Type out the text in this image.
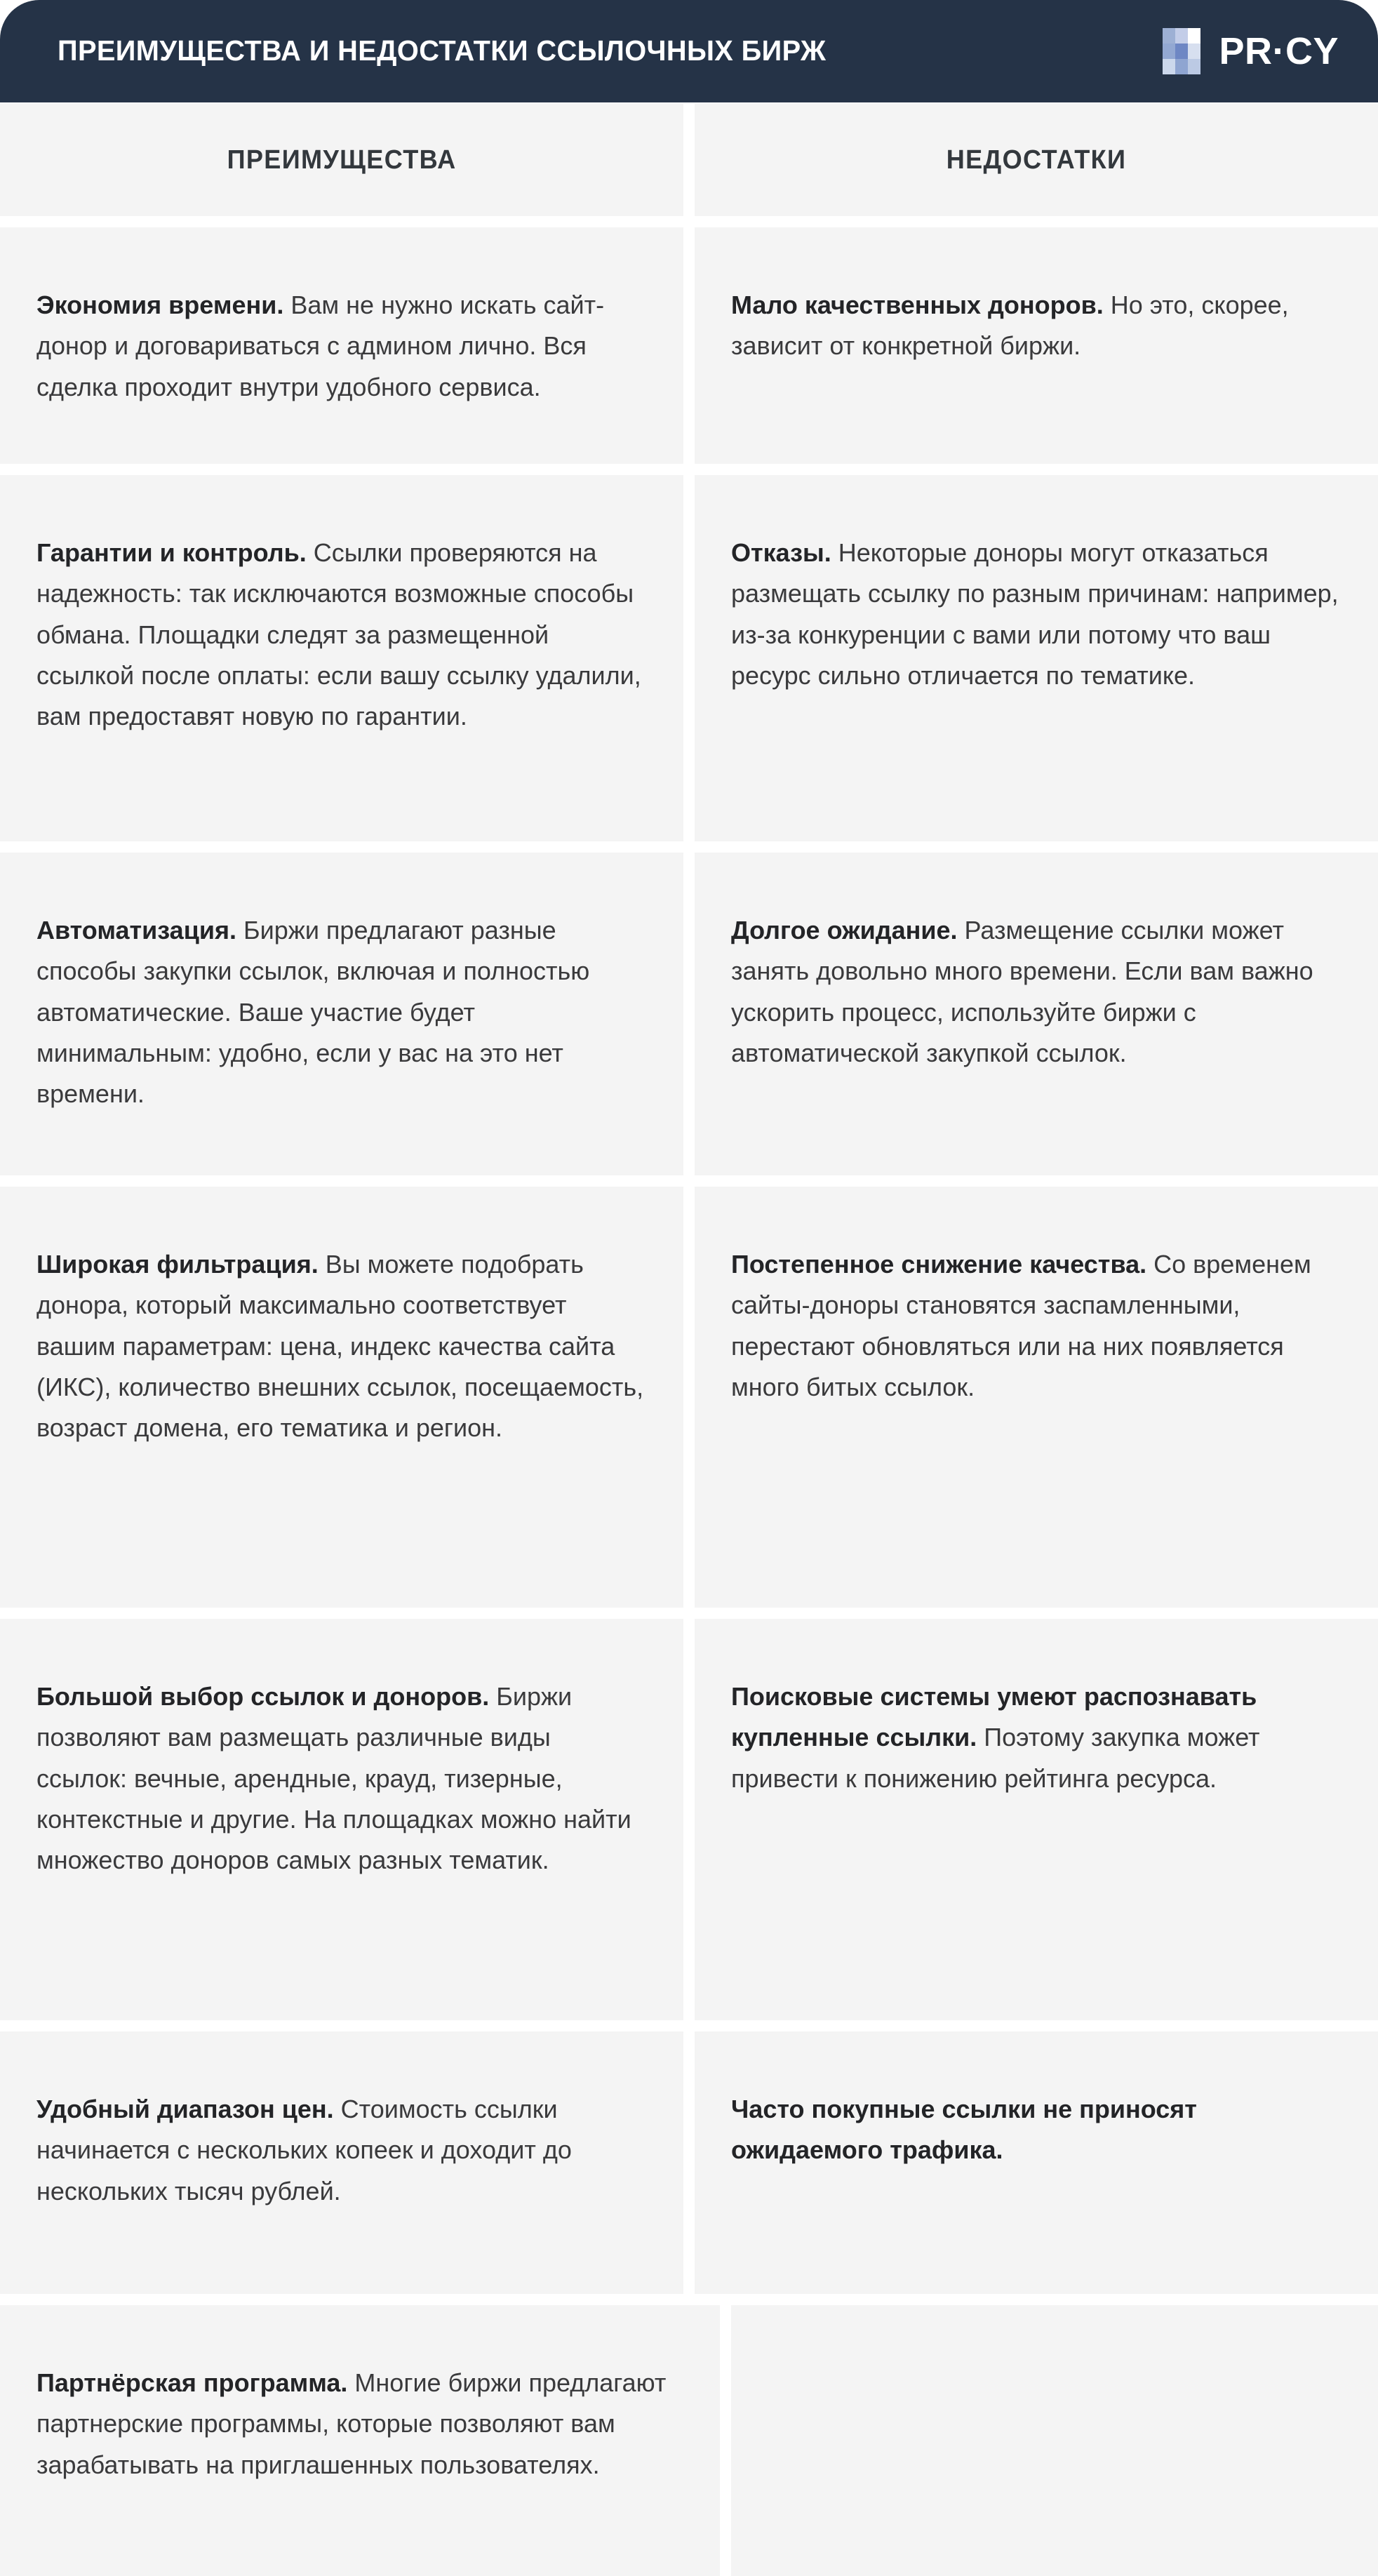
ПРЕИМУЩЕСТВА И НЕДОСТАТКИ ССЫЛОЧНЫХ БИРЖ	PR·CY
ПРЕИМУЩЕСТВА	НЕДОСТАТКИ

Экономия времени. Вам не нужно искать сайт-донор и договариваться с админом лично. Вся сделка проходит внутри удобного сервиса.

Мало качественных доноров. Но это, скорее, зависит от конкретной биржи.

Гарантии и контроль. Ссылки проверяются на надежность: так исключаются возможные способы обмана. Площадки следят за размещенной ссылкой после оплаты: если вашу ссылку удалили, вам предоставят новую по гарантии.

Отказы. Некоторые доноры могут отказаться размещать ссылку по разным причинам: например, из-за конкуренции с вами или потому что ваш ресурс сильно отличается по тематике.

Автоматизация. Биржи предлагают разные способы закупки ссылок, включая и полностью автоматические. Ваше участие будет минимальным: удобно, если у вас на это нет времени.

Долгое ожидание. Размещение ссылки может занять довольно много времени. Если вам важно ускорить процесс, используйте биржи с автоматической закупкой ссылок.

Широкая фильтрация. Вы можете подобрать донора, который максимально соответствует вашим параметрам: цена, индекс качества сайта (ИКС), количество внешних ссылок, посещаемость, возраст домена, его тематика и регион.

Постепенное снижение качества. Со временем сайты-доноры становятся заспамленными, перестают обновляться или на них появляется много битых ссылок.

Большой выбор ссылок и доноров. Биржи позволяют вам размещать различные виды ссылок: вечные, арендные, крауд, тизерные, контекстные и другие. На площадках можно найти множество доноров самых разных тематик.

Поисковые системы умеют распознавать купленные ссылки. Поэтому закупка может привести к понижению рейтинга ресурса.

Удобный диапазон цен. Стоимость ссылки начинается с нескольких копеек и доходит до нескольких тысяч рублей.

Часто покупные ссылки не приносят ожидаемого трафика.

Партнёрская программа. Многие биржи предлагают партнерские программы, которые позволяют вам зарабатывать на приглашенных пользователях.
